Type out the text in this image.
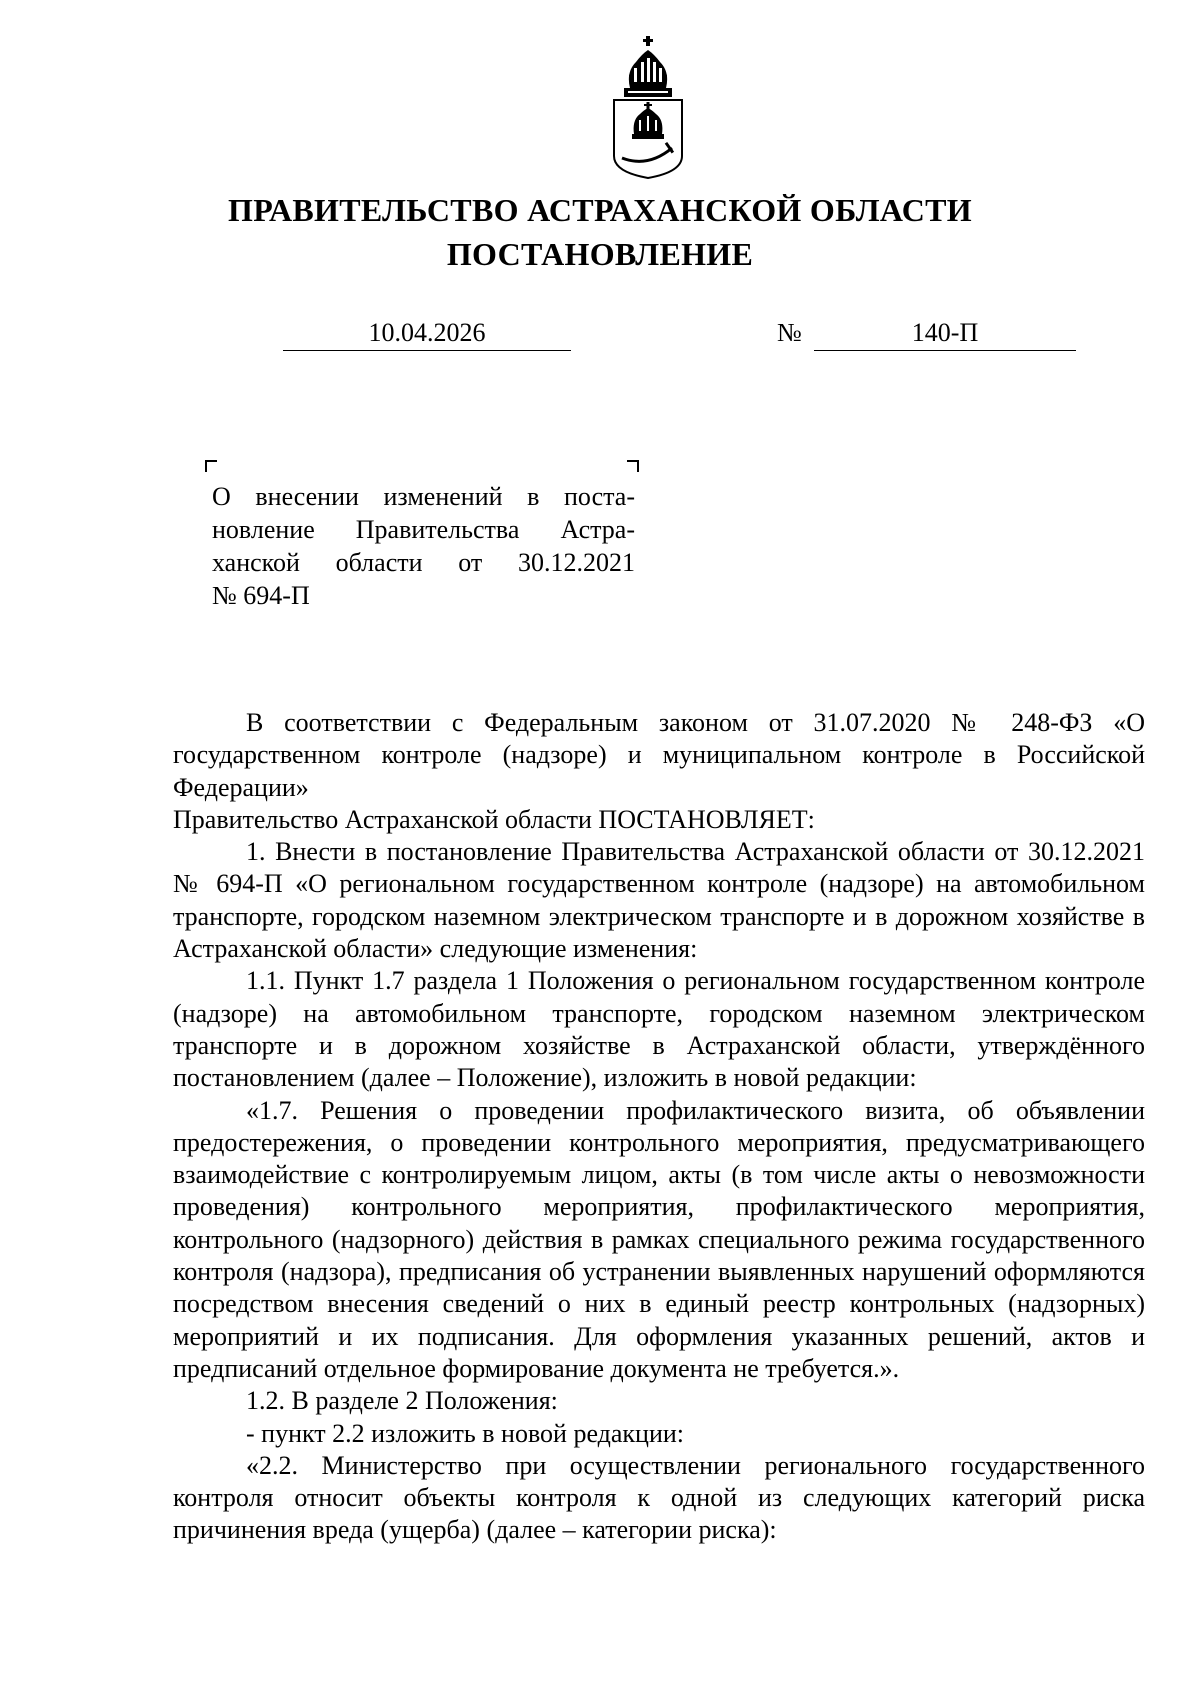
ПРАВИТЕЛЬСТВО АСТРАХАНСКОЙ ОБЛАСТИ
ПОСТАНОВЛЕНИЕ
10.04.2026	№	140-П
О внесении изменений в поста-
новление Правительства Астра-
ханской области от 30.12.2021
№ 694-П

В соответствии с Федеральным законом от 31.07.2020 № 248-ФЗ «О государственном контроле (надзоре) и муниципальном контроле в Российской Федерации»

Правительство Астраханской области ПОСТАНОВЛЯЕТ:

1. Внести в постановление Правительства Астраханской области от 30.12.2021 № 694-П «О региональном государственном контроле (надзоре) на автомобильном транспорте, городском наземном электрическом транспорте и в дорожном хозяйстве в Астраханской области» следующие изменения:

1.1. Пункт 1.7 раздела 1 Положения о региональном государственном контроле (надзоре) на автомобильном транспорте, городском наземном электрическом транспорте и в дорожном хозяйстве в Астраханской области, утверждённого постановлением (далее – Положение), изложить в новой редакции:

«1.7. Решения о проведении профилактического визита, об объявлении предостережения, о проведении контрольного мероприятия, предусматривающего взаимодействие с контролируемым лицом, акты (в том числе акты о невозможности проведения) контрольного мероприятия, профилактического мероприятия, контрольного (надзорного) действия в рамках специального режима государственного контроля (надзора), предписания об устранении выявленных нарушений оформляются посредством внесения сведений о них в единый реестр контрольных (надзорных) мероприятий и их подписания. Для оформления указанных решений, актов и предписаний отдельное формирование документа не требуется.».

1.2. В разделе 2 Положения:

- пункт 2.2 изложить в новой редакции:

«2.2. Министерство при осуществлении регионального государственного контроля относит объекты контроля к одной из следующих категорий риска причинения вреда (ущерба) (далее – категории риска):
